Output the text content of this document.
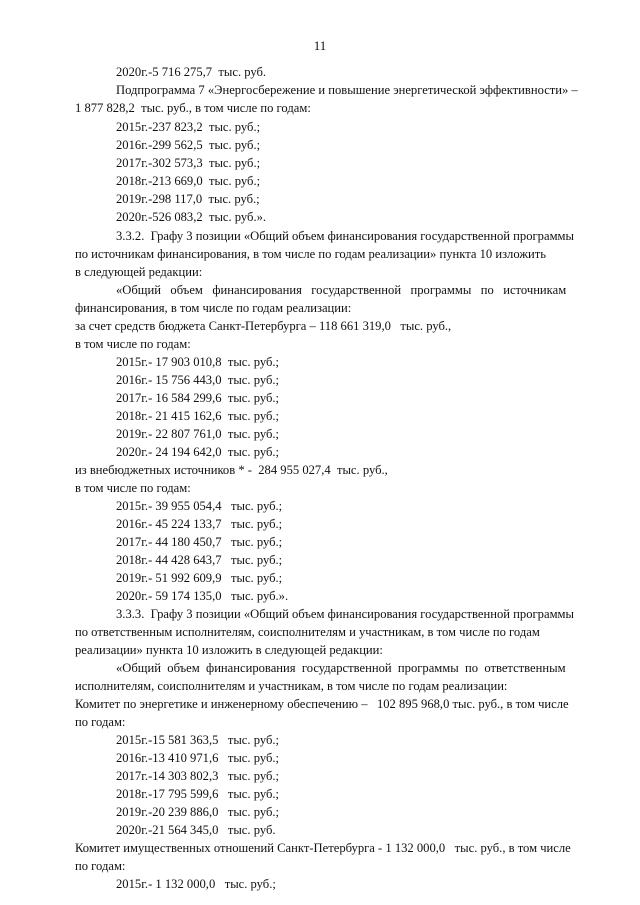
11
2020г.-5 716 275,7  тыс. руб.
Подпрограмма 7 «Энергосбережение и повышение энергетической эффективности» –
1 877 828,2  тыс. руб., в том числе по годам:
2015г.-237 823,2  тыс. руб.;
2016г.-299 562,5  тыс. руб.;
2017г.-302 573,3  тыс. руб.;
2018г.-213 669,0  тыс. руб.;
2019г.-298 117,0  тыс. руб.;
2020г.-526 083,2  тыс. руб.».
3.3.2.  Графу 3 позиции «Общий объем финансирования государственной программы
по источникам финансирования, в том числе по годам реализации» пункта 10 изложить
в следующей редакции:
«Общий   объем   финансирования   государственной   программы   по   источникам
финансирования, в том числе по годам реализации:
за счет средств бюджета Санкт-Петербурга – 118 661 319,0   тыс. руб.,
в том числе по годам:
2015г.- 17 903 010,8  тыс. руб.;
2016г.- 15 756 443,0  тыс. руб.;
2017г.- 16 584 299,6  тыс. руб.;
2018г.- 21 415 162,6  тыс. руб.;
2019г.- 22 807 761,0  тыс. руб.;
2020г.- 24 194 642,0  тыс. руб.;
из внебюджетных источников * -  284 955 027,4  тыс. руб.,
в том числе по годам:
2015г.- 39 955 054,4   тыс. руб.;
2016г.- 45 224 133,7   тыс. руб.;
2017г.- 44 180 450,7   тыс. руб.;
2018г.- 44 428 643,7   тыс. руб.;
2019г.- 51 992 609,9   тыс. руб.;
2020г.- 59 174 135,0   тыс. руб.».
3.3.3.  Графу 3 позиции «Общий объем финансирования государственной программы
по ответственным исполнителям, соисполнителям и участникам, в том числе по годам
реализации» пункта 10 изложить в следующей редакции:
«Общий  объем  финансирования  государственной  программы  по  ответственным
исполнителям, соисполнителям и участникам, в том числе по годам реализации:
Комитет по энергетике и инженерному обеспечению –   102 895 968,0 тыс. руб., в том числе
по годам:
2015г.-15 581 363,5   тыс. руб.;
2016г.-13 410 971,6   тыс. руб.;
2017г.-14 303 802,3   тыс. руб.;
2018г.-17 795 599,6   тыс. руб.;
2019г.-20 239 886,0   тыс. руб.;
2020г.-21 564 345,0   тыс. руб.
Комитет имущественных отношений Санкт-Петербурга - 1 132 000,0   тыс. руб., в том числе
по годам:
2015г.- 1 132 000,0   тыс. руб.;
